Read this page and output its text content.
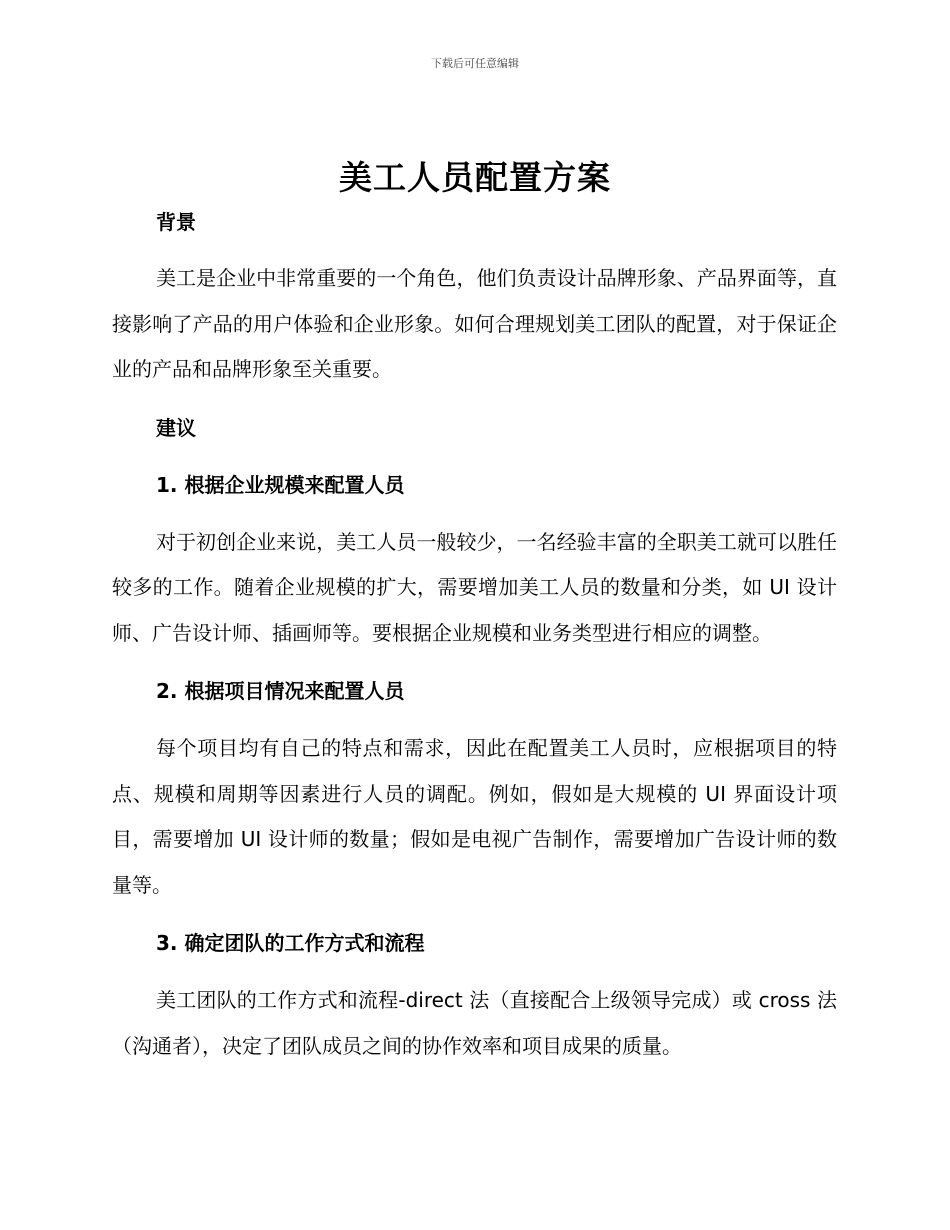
下载后可任意编辑
美工人员配置方案
背景

美工是企业中非常重要的一个角色，他们负责设计品牌形象、产品界面等，直接影响了产品的用户体验和企业形象。如何合理规划美工团队的配置，对于保证企业的产品和品牌形象至关重要。

建议
1. 根据企业规模来配置人员

对于初创企业来说，美工人员一般较少，一名经验丰富的全职美工就可以胜任较多的工作。随着企业规模的扩大，需要增加美工人员的数量和分类，如 UI 设计师、广告设计师、插画师等。要根据企业规模和业务类型进行相应的调整。

2. 根据项目情况来配置人员

每个项目均有自己的特点和需求，因此在配置美工人员时，应根据项目的特点、规模和周期等因素进行人员的调配。例如，假如是大规模的 UI 界面设计项目，需要增加 UI 设计师的数量；假如是电视广告制作，需要增加广告设计师的数量等。

3. 确定团队的工作方式和流程

美工团队的工作方式和流程-direct 法（直接配合上级领导完成）或 cross 法（沟通者），决定了团队成员之间的协作效率和项目成果的质量。
